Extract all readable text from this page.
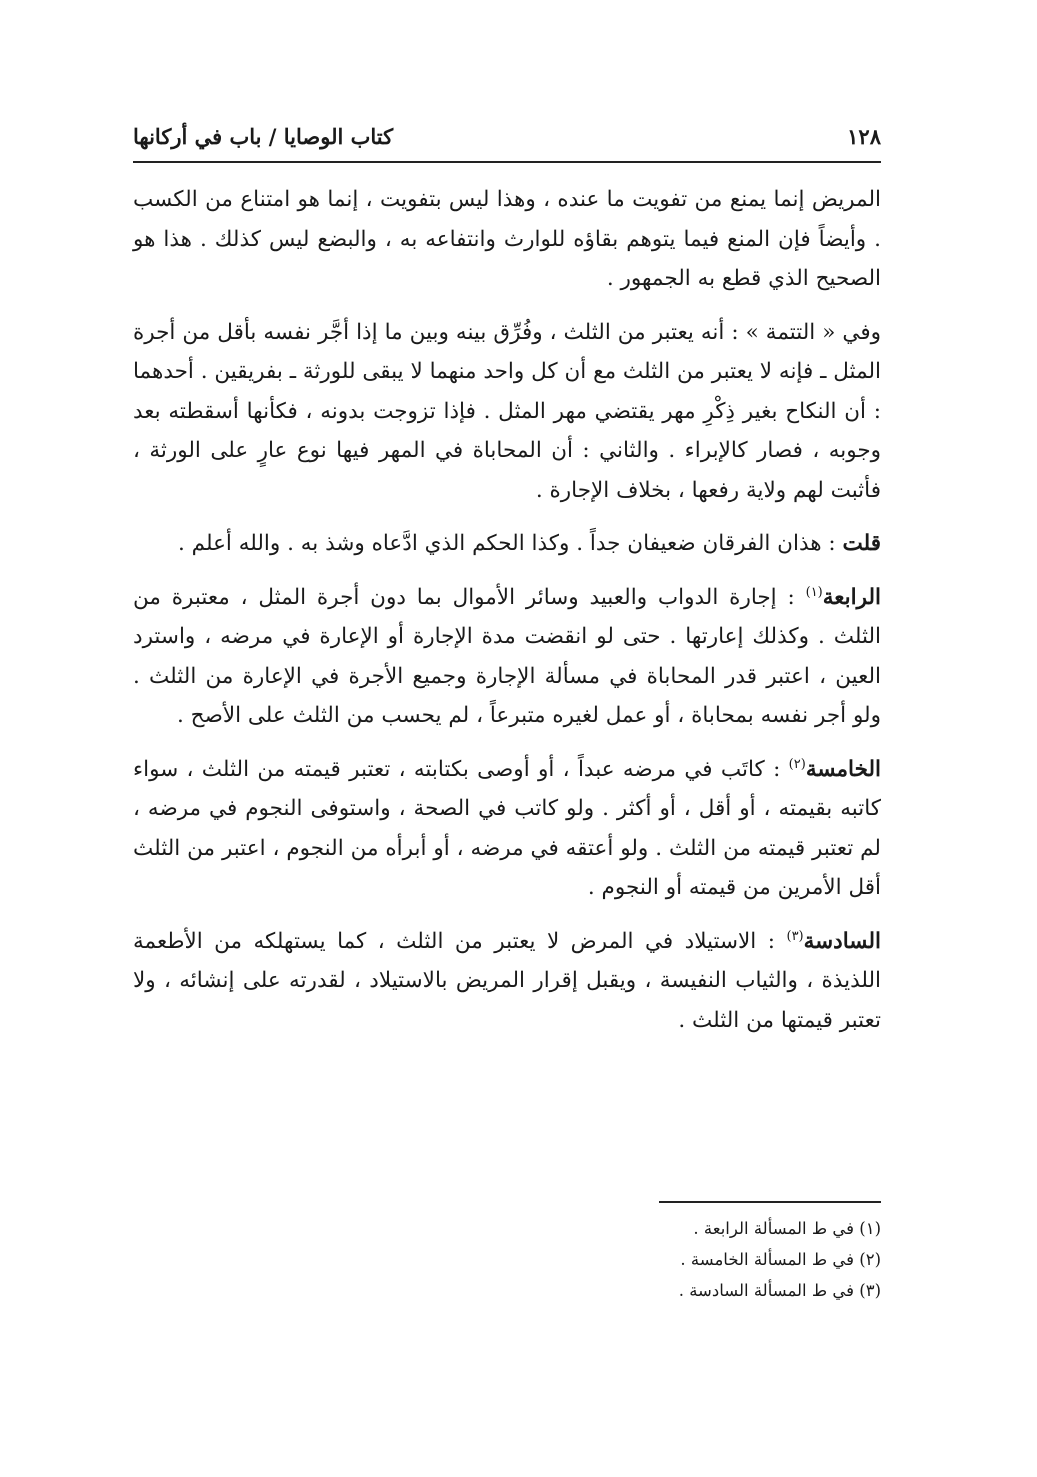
١٢٨
كتاب الوصايا / باب في أركانها

المريض إنما يمنع من تفويت ما عنده ، وهذا ليس بتفويت ، إنما هو امتناع من الكسب . وأيضاً فإن المنع فيما يتوهم بقاؤه للوارث وانتفاعه به ، والبضع ليس كذلك . هذا هو الصحيح الذي قطع به الجمهور .

وفي « التتمة » : أنه يعتبر من الثلث ، وفُرِّق بينه وبين ما إذا أجَّر نفسه بأقل من أجرة المثل ـ فإنه لا يعتبر من الثلث مع أن كل واحد منهما لا يبقى للورثة ـ بفريقين . أحدهما : أن النكاح بغير ذِكْرِ مهر يقتضي مهر المثل . فإذا تزوجت بدونه ، فكأنها أسقطته بعد وجوبه ، فصار كالإبراء . والثاني : أن المحاباة في المهر فيها نوع عارٍ على الورثة ، فأثبت لهم ولاية رفعها ، بخلاف الإجارة .

قلت : هذان الفرقان ضعيفان جداً . وكذا الحكم الذي ادَّعاه وشذ به . والله أعلم .

الرابعة$^{(١)}$ : إجارة الدواب والعبيد وسائر الأموال بما دون أجرة المثل ، معتبرة من الثلث . وكذلك إعارتها . حتى لو انقضت مدة الإجارة أو الإعارة في مرضه ، واسترد العين ، اعتبر قدر المحاباة في مسألة الإجارة وجميع الأجرة في الإعارة من الثلث . ولو أجر نفسه بمحاباة ، أو عمل لغيره متبرعاً ، لم يحسب من الثلث على الأصح .

الخامسة$^{(٢)}$ : كاتَب في مرضه عبداً ، أو أوصى بكتابته ، تعتبر قيمته من الثلث ، سواء كاتبه بقيمته ، أو أقل ، أو أكثر . ولو كاتب في الصحة ، واستوفى النجوم في مرضه ، لم تعتبر قيمته من الثلث . ولو أعتقه في مرضه ، أو أبرأه من النجوم ، اعتبر من الثلث أقل الأمرين من قيمته أو النجوم .

السادسة$^{(٣)}$ : الاستيلاد في المرض لا يعتبر من الثلث ، كما يستهلكه من الأطعمة اللذيذة ، والثياب النفيسة ، ويقبل إقرار المريض بالاستيلاد ، لقدرته على إنشائه ، ولا تعتبر قيمتها من الثلث .

(١) في ط المسألة الرابعة .
(٢) في ط المسألة الخامسة .
(٣) في ط المسألة السادسة .
